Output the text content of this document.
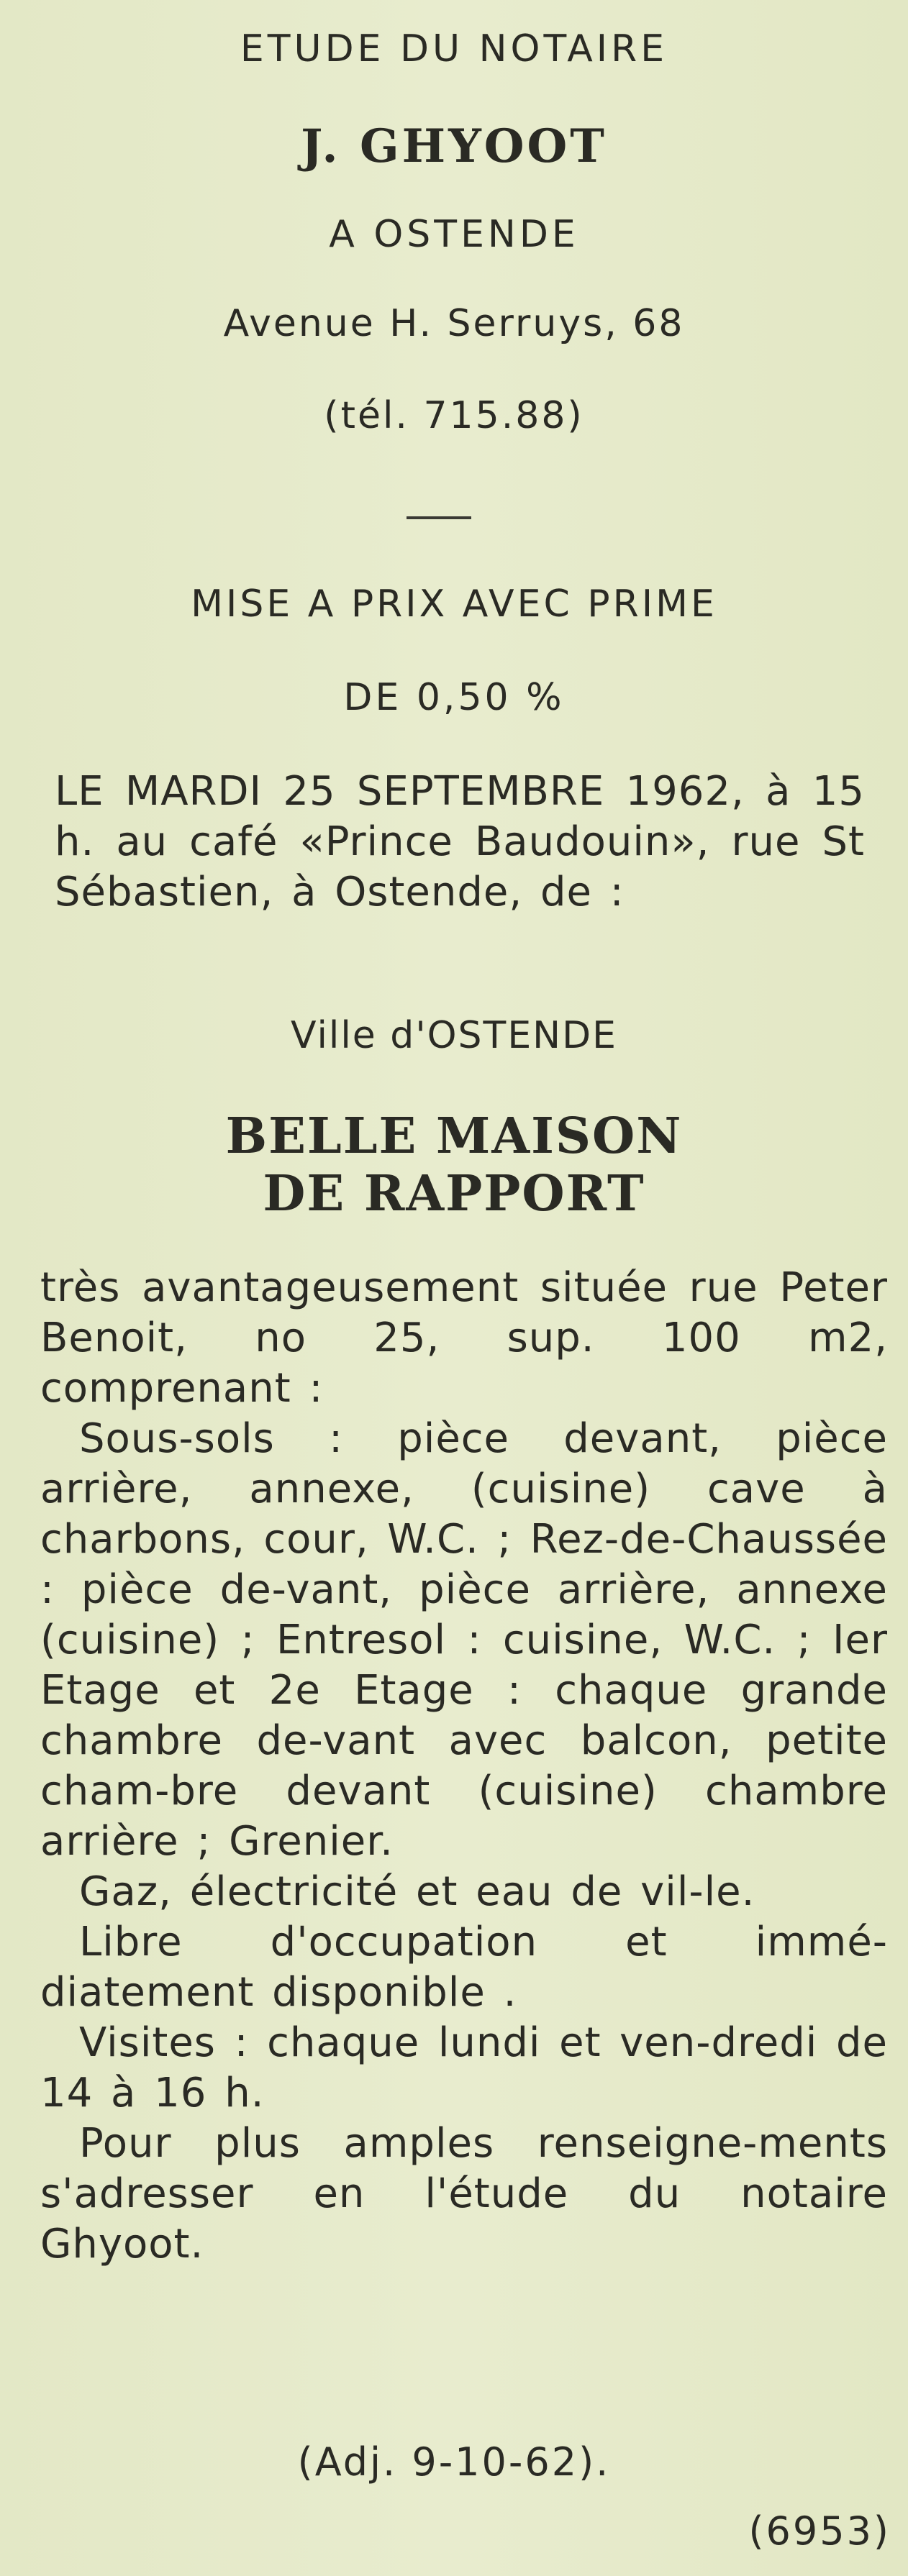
ETUDE DU NOTAIRE
J. GHYOOT
A OSTENDE
Avenue H. Serruys, 68
(tél. 715.88)
MISE A PRIX AVEC PRIME
DE 0,50 %

LE MARDI 25 SEPTEMBRE 1962, à 15 h. au café «Prince Baudouin», rue St Sébastien, à Ostende, de :

Ville d'OSTENDE
BELLE MAISON
DE RAPPORT

très avantageusement située rue Peter Benoit, no 25, sup. 100 m2, comprenant :

Sous-sols : pièce devant, pièce arrière, annexe, (cuisine) cave à charbons, cour, W.C. ; Rez-de-Chaussée : pièce de-vant, pièce arrière, annexe (cuisine) ; Entresol : cuisine, W.C. ; Ier Etage et 2e Etage : chaque grande chambre de-vant avec balcon, petite cham-bre devant (cuisine) chambre arrière ; Grenier.

Gaz, électricité et eau de vil-le.

Libre d'occupation et immé-diatement disponible .

Visites : chaque lundi et ven-dredi de 14 à 16 h.

Pour plus amples renseigne-ments s'adresser en l'étude du notaire Ghyoot.

(Adj. 9-10-62).
(6953)
